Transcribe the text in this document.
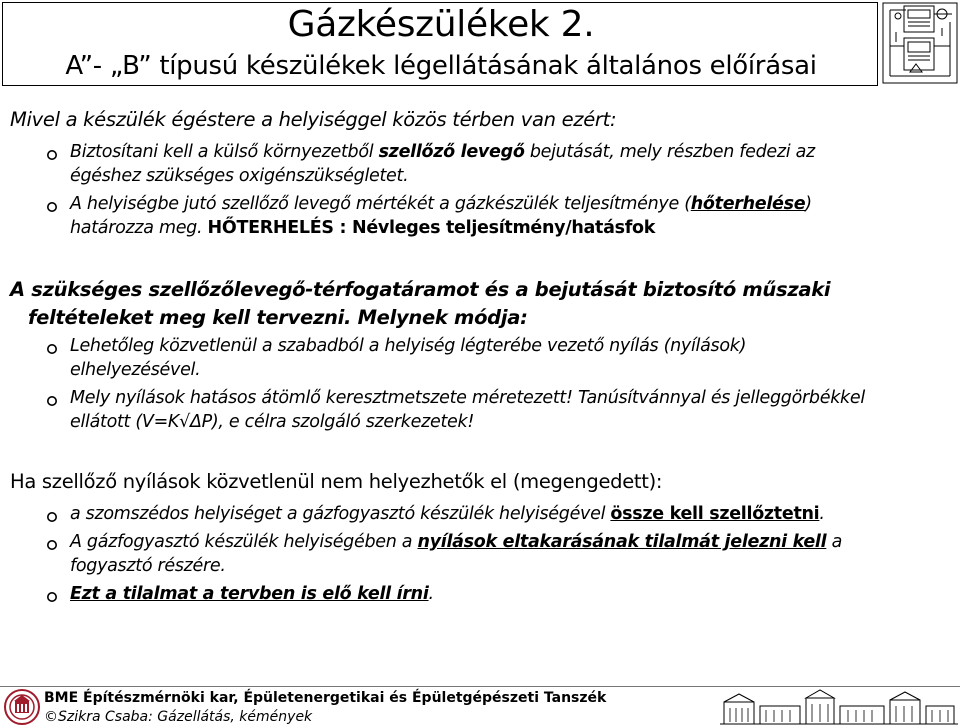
Gázkészülékek 2.
A”- „B” típusú készülékek légellátásának általános előírásai
Mivel a készülék égéstere a helyiséggel közös térben van ezért:
Biztosítani kell a külső környezetből szellőző levegő bejutását, mely részben fedezi az
égéshez szükséges oxigénszükségletet.
A helyiségbe jutó szellőző levegő mértékét a gázkészülék teljesítménye (hőterhelése)
határozza meg. HŐTERHELÉS : Névleges teljesítmény/hatásfok
A szükséges szellőzőlevegő-térfogatáramot és a bejutását biztosító műszaki
feltételeket meg kell tervezni. Melynek módja:
Lehetőleg közvetlenül a szabadból a helyiség légterébe vezető nyílás (nyílások)
elhelyezésével.
Mely nyílások hatásos átömlő keresztmetszete méretezett! Tanúsítvánnyal és jelleggörbékkel
ellátott (V=K√ΔP), e célra szolgáló szerkezetek!
Ha szellőző nyílások közvetlenül nem helyezhetők el (megengedett):
a szomszédos helyiséget a gázfogyasztó készülék helyiségével össze kell szellőztetni.
A gázfogyasztó készülék helyiségében a nyílások eltakarásának tilalmát jelezni kell a
fogyasztó részére.
Ezt a tilalmat a tervben is elő kell írni.
BME Építészmérnöki kar, Épületenergetikai és Épületgépészeti Tanszék
©Szikra Csaba: Gázellátás, kémények
